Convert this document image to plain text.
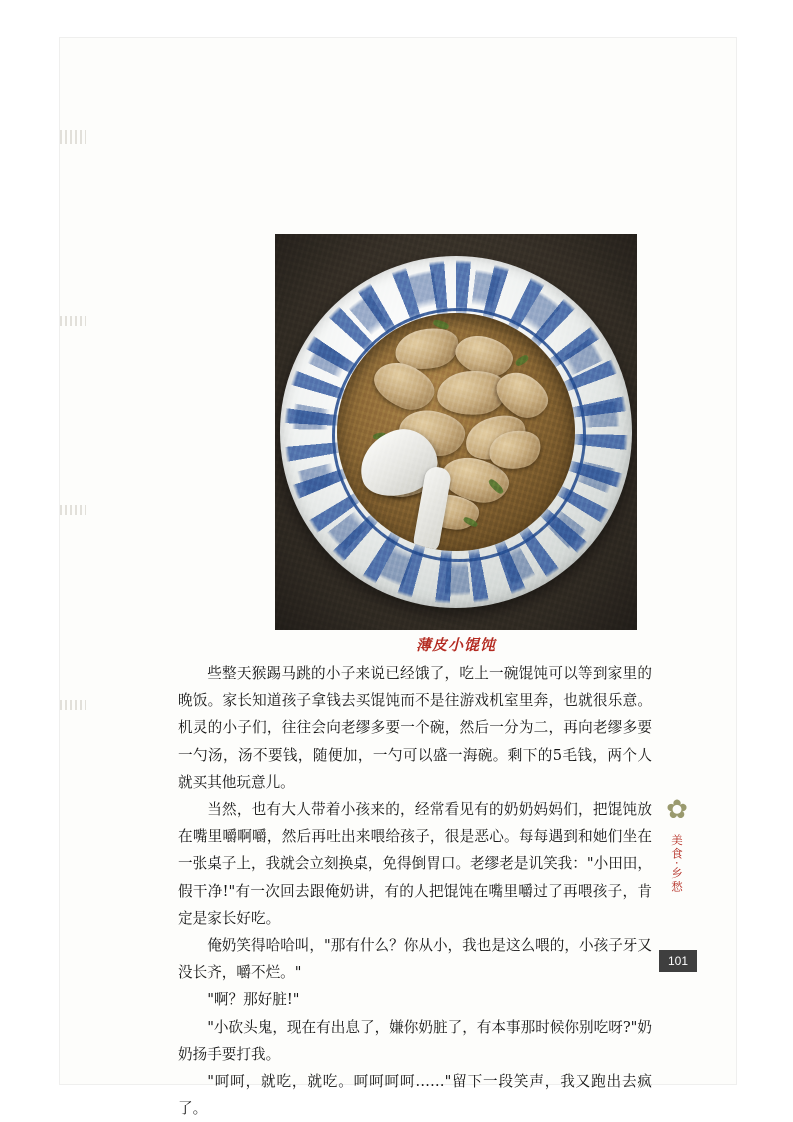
薄皮小馄饨

些整天猴踢马跳的小子来说已经饿了，吃上一碗馄饨可以等到家里的晚饭。家长知道孩子拿钱去买馄饨而不是往游戏机室里奔，也就很乐意。机灵的小子们，往往会向老缪多要一个碗，然后一分为二，再向老缪多要一勺汤，汤不要钱，随便加，一勺可以盛一海碗。剩下的5毛钱，两个人就买其他玩意儿。

当然，也有大人带着小孩来的，经常看见有的奶奶妈妈们，把馄饨放在嘴里嚼啊嚼，然后再吐出来喂给孩子，很是恶心。每每遇到和她们坐在一张桌子上，我就会立刻换桌，免得倒胃口。老缪老是讥笑我："小田田，假干净!"有一次回去跟俺奶讲，有的人把馄饨在嘴里嚼过了再喂孩子，肯定是家长好吃。

俺奶笑得哈哈叫，"那有什么？你从小，我也是这么喂的，小孩子牙又没长齐，嚼不烂。"

"啊？那好脏!"

"小砍头鬼，现在有出息了，嫌你奶脏了，有本事那时候你别吃呀?"奶奶扬手要打我。

"呵呵，就吃，就吃。呵呵呵呵……"留下一段笑声，我又跑出去疯了。

✿
美食·乡愁
101
